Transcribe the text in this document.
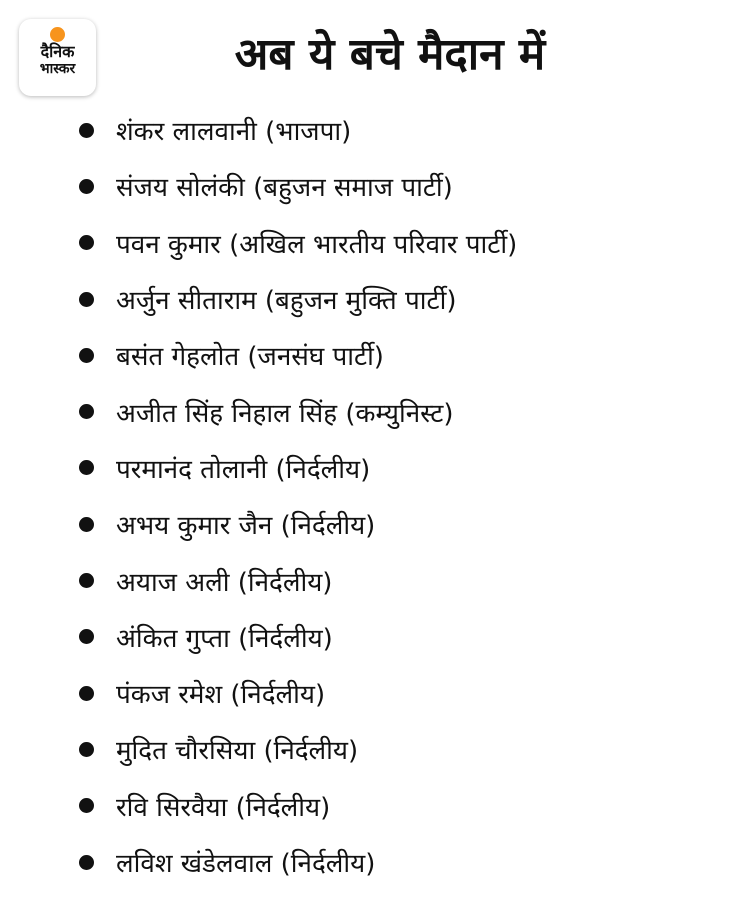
दैनिक
भास्कर	अब ये बचे मैदान में
शंकर लालवानी (भाजपा)
संजय सोलंकी (बहुजन समाज पार्टी)
पवन कुमार (अखिल भारतीय परिवार पार्टी)
अर्जुन सीताराम (बहुजन मुक्ति पार्टी)
बसंत गेहलोत (जनसंघ पार्टी)
अजीत सिंह निहाल सिंह (कम्युनिस्ट)
परमानंद तोलानी (निर्दलीय)
अभय कुमार जैन (निर्दलीय)
अयाज अली (निर्दलीय)
अंकित गुप्ता (निर्दलीय)
पंकज रमेश (निर्दलीय)
मुदित चौरसिया (निर्दलीय)
रवि सिरवैया (निर्दलीय)
लविश खंडेलवाल (निर्दलीय)
